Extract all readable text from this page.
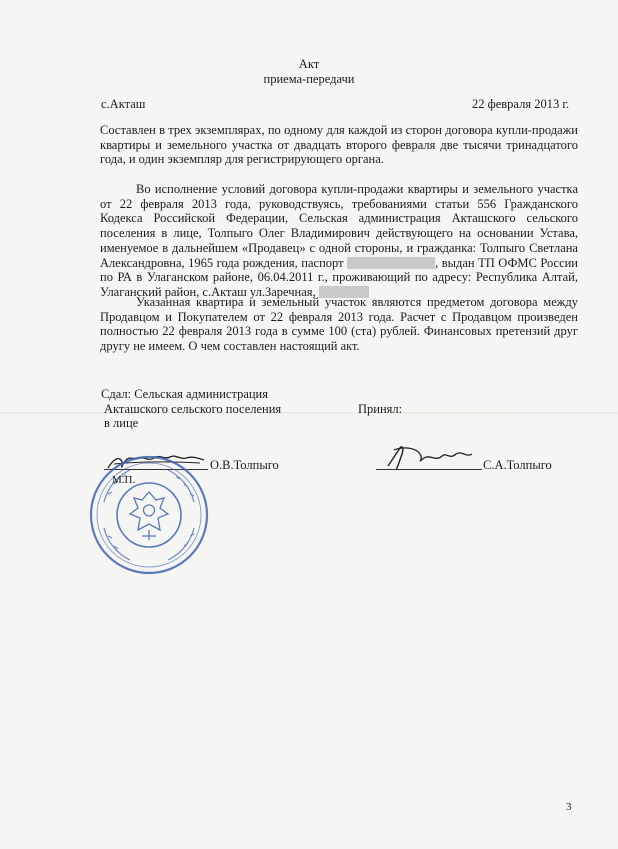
Акт
приема-передачи
с.Акташ	22 февраля 2013 г.
Составлен в трех экземплярах, по одному для каждой из сторон договора купли-продажи квартиры и земельного участка от двадцать второго февраля две тысячи тринадцатого года, и один экземпляр для регистрирующего органа.
Во исполнение условий договора купли-продажи квартиры и земельного участка от 22 февраля 2013 года, руководствуясь, требованиями статьи 556 Гражданского Кодекса Российской Федерации, Сельская администрация Акташского сельского поселения в лице, Толпыго Олег Владимирович действующего на основании Устава, именуемое в дальнейшем «Продавец» с одной стороны, и гражданка: Толпыго Светлана Александровна, 1965 года рождения, паспорт	, выдан ТП ОФМС России по РА в Улаганском районе, 06.04.2011 г., проживающий по адресу: Республика Алтай, Улаганский район, с.Акташ ул.Заречная,
Указанная квартира и земельный участок являются предметом договора между Продавцом и Покупателем от 22 февраля 2013 года. Расчет с Продавцом произведен полностью 22 февраля 2013 года в сумме 100 (ста) рублей. Финансовых претензий друг другу не имеем. О чем составлен настоящий акт.
Сдал: Сельская администрация
Акташского сельского поселения
в лице
Принял:
О.В.Толпыго	С.А.Толпыго
М.П.
3
